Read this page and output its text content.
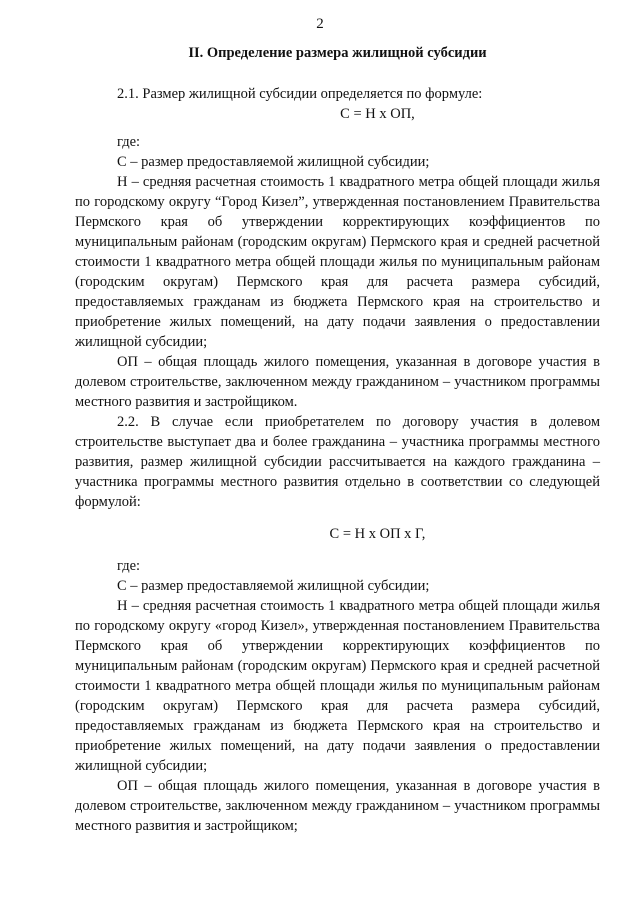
2
II. Определение размера жилищной субсидии

2.1. Размер жилищной субсидии определяется по формуле:

С = Н х ОП,

где:

С – размер предоставляемой жилищной субсидии;

Н – средняя расчетная стоимость 1 квадратного метра общей площади жилья по городскому округу “Город Кизел”, утвержденная постановлением Правительства Пермского края об утверждении корректирующих коэффициентов по муниципальным районам (городским округам) Пермского края и средней расчетной стоимости 1 квадратного метра общей площади жилья по муниципальным районам (городским округам) Пермского края для расчета размера субсидий, предоставляемых гражданам из бюджета Пермского края на строительство и приобретение жилых помещений, на дату подачи заявления о предоставлении жилищной субсидии;

ОП – общая площадь жилого помещения, указанная в договоре участия в долевом строительстве, заключенном между гражданином – участником программы местного развития и застройщиком.

2.2. В случае если приобретателем по договору участия в долевом строительстве выступает два и более гражданина – участника программы местного развития, размер жилищной субсидии рассчитывается на каждого гражданина – участника программы местного развития отдельно в соответствии со следующей формулой:

С = Н х ОП х Г,

где:

С – размер предоставляемой жилищной субсидии;

Н – средняя расчетная стоимость 1 квадратного метра общей площади жилья по городскому округу «город Кизел», утвержденная постановлением Правительства Пермского края об утверждении корректирующих коэффициентов по муниципальным районам (городским округам) Пермского края и средней расчетной стоимости 1 квадратного метра общей площади жилья по муниципальным районам (городским округам) Пермского края для расчета размера субсидий, предоставляемых гражданам из бюджета Пермского края на строительство и приобретение жилых помещений, на дату подачи заявления о предоставлении жилищной субсидии;

ОП – общая площадь жилого помещения, указанная в договоре участия в долевом строительстве, заключенном между гражданином – участником программы местного развития и застройщиком;
